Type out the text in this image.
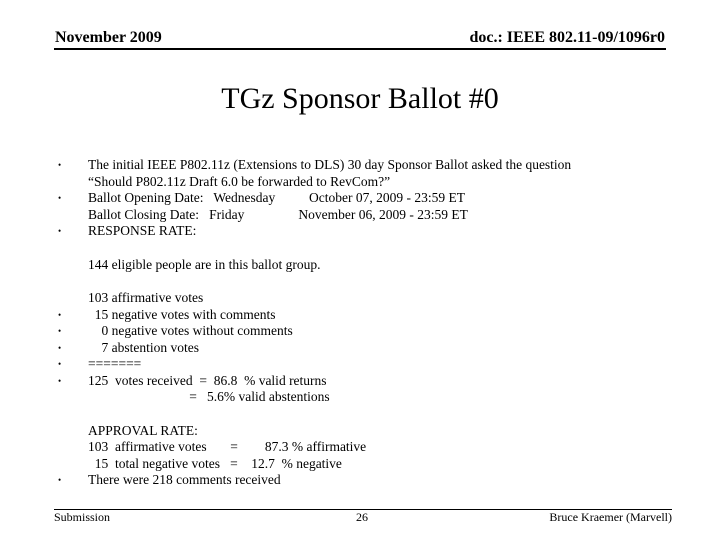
November 2009	doc.: IEEE 802.11-09/1096r0
TGz Sponsor Ballot #0

•

The initial IEEE P802.11z (Extensions to DLS) 30 day Sponsor Ballot asked the question

“Should P802.11z Draft 6.0 be forwarded to RevCom?”

•

Ballot Opening Date:   Wednesday          October 07, 2009 - 23:59 ET

Ballot Closing Date:   Friday                November 06, 2009 - 23:59 ET

•

RESPONSE RATE:

144 eligible people are in this ballot group.

103 affirmative votes

•

15 negative votes with comments

•

0 negative votes without comments

•

7 abstention votes

•

=======

•

125  votes received  =  86.8  % valid returns

=   5.6% valid abstentions

APPROVAL RATE:

103  affirmative votes       =        87.3 % affirmative

15  total negative votes   =    12.7  % negative

•

There were 218 comments received

Submission	26	Bruce Kraemer (Marvell)
